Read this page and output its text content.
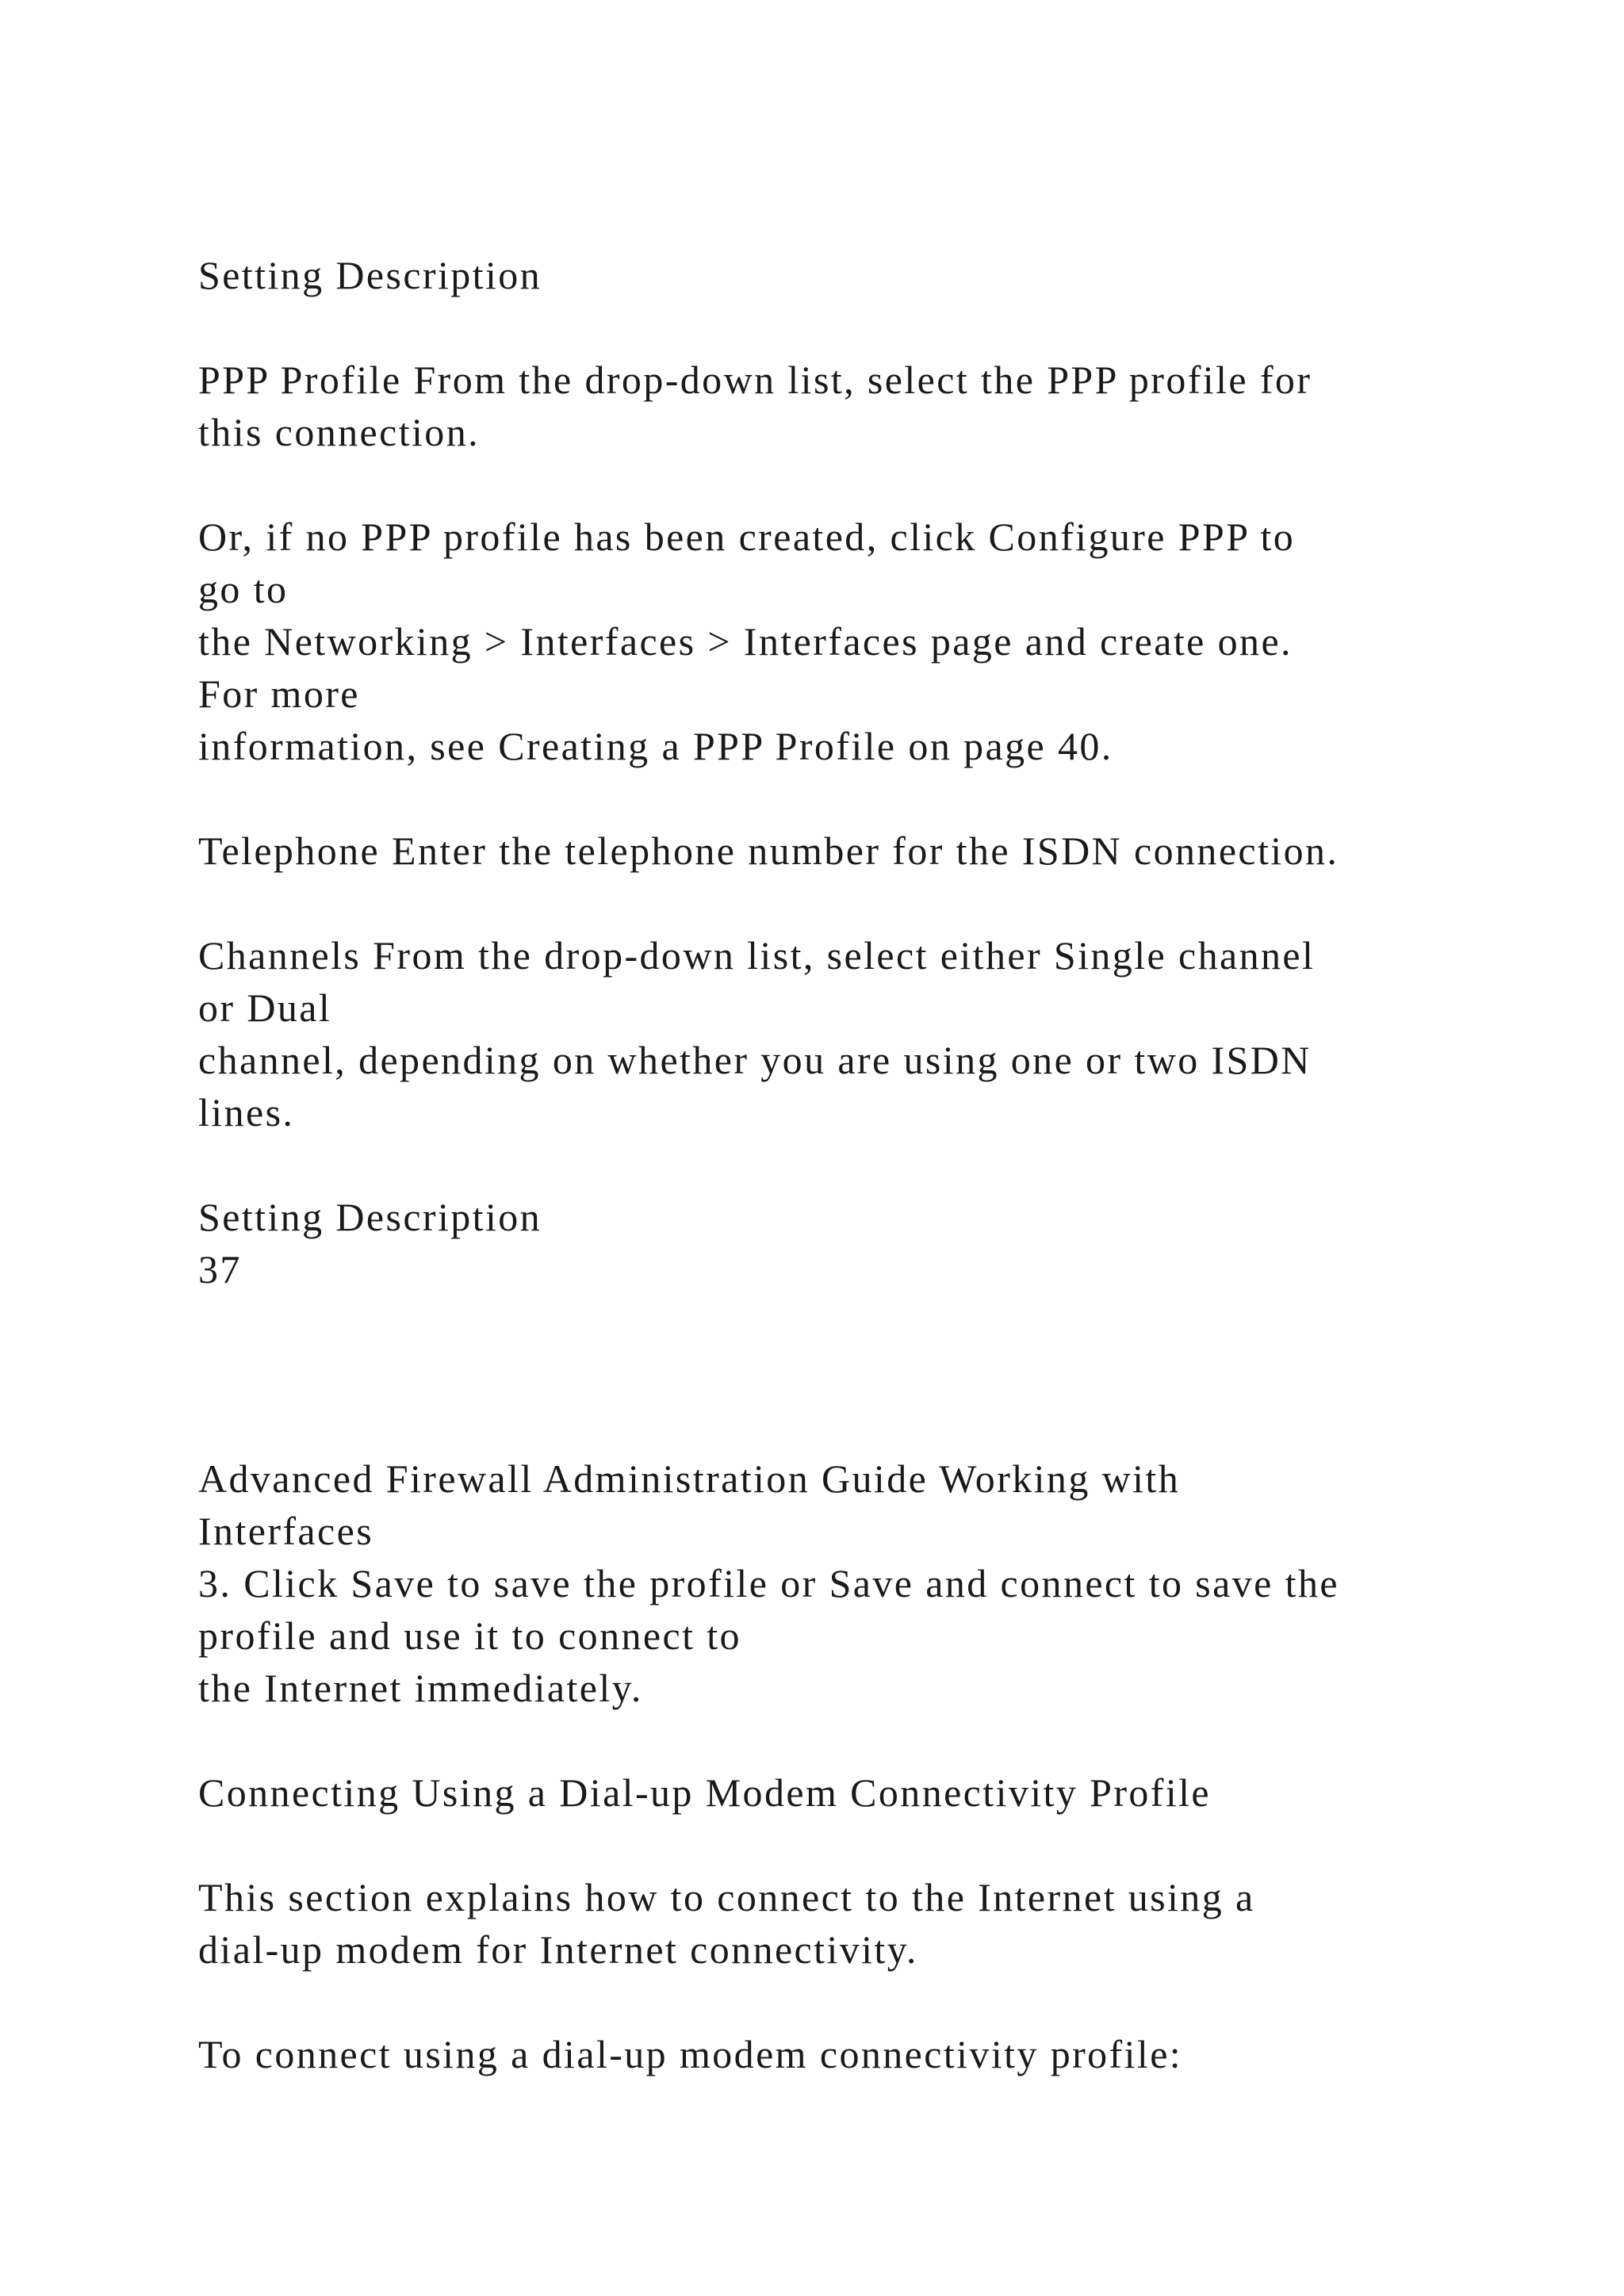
Setting Description

PPP Profile From the drop-down list, select the PPP profile for

this connection.

Or, if no PPP profile has been created, click Configure PPP to

go to

the Networking > Interfaces > Interfaces page and create one.

For more

information, see Creating a PPP Profile on page 40.

Telephone Enter the telephone number for the ISDN connection.

Channels From the drop-down list, select either Single channel

or Dual

channel, depending on whether you are using one or two ISDN

lines.

Setting Description

37

Advanced Firewall Administration Guide Working with

Interfaces

3. Click Save to save the profile or Save and connect to save the

profile and use it to connect to

the Internet immediately.

Connecting Using a Dial-up Modem Connectivity Profile

This section explains how to connect to the Internet using a

dial-up modem for Internet connectivity.

To connect using a dial-up modem connectivity profile:
